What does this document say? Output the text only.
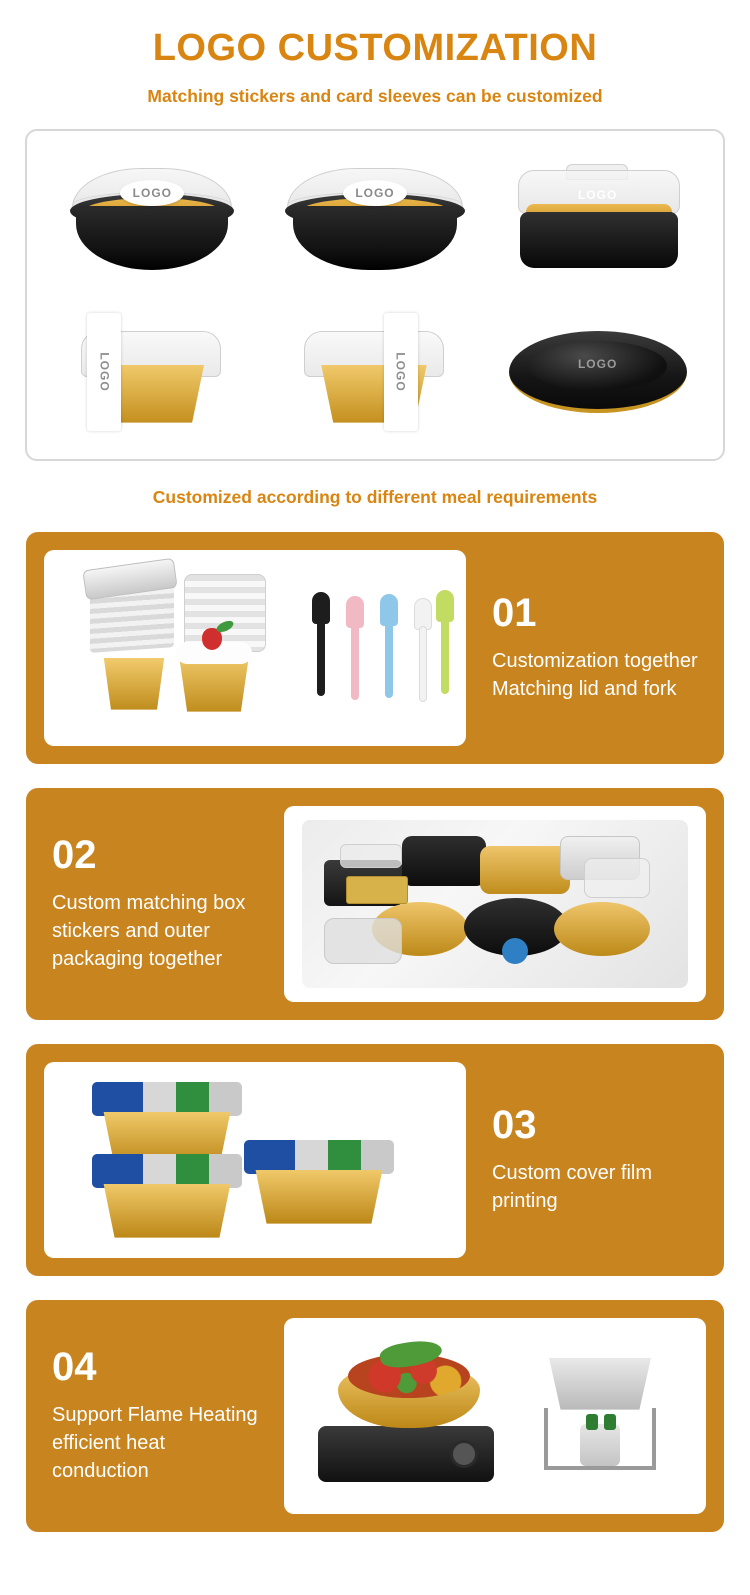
LOGO CUSTOMIZATION
Matching stickers and card sleeves can be customized
LOGO	LOGO	LOGO
LOGO	LOGO	LOGO
Customized according to different meal requirements
01
Customization together Matching lid and fork
02
Custom matching box stickers and outer packaging together
03
Custom cover film printing
04
Support Flame Heating efficient heat conduction
